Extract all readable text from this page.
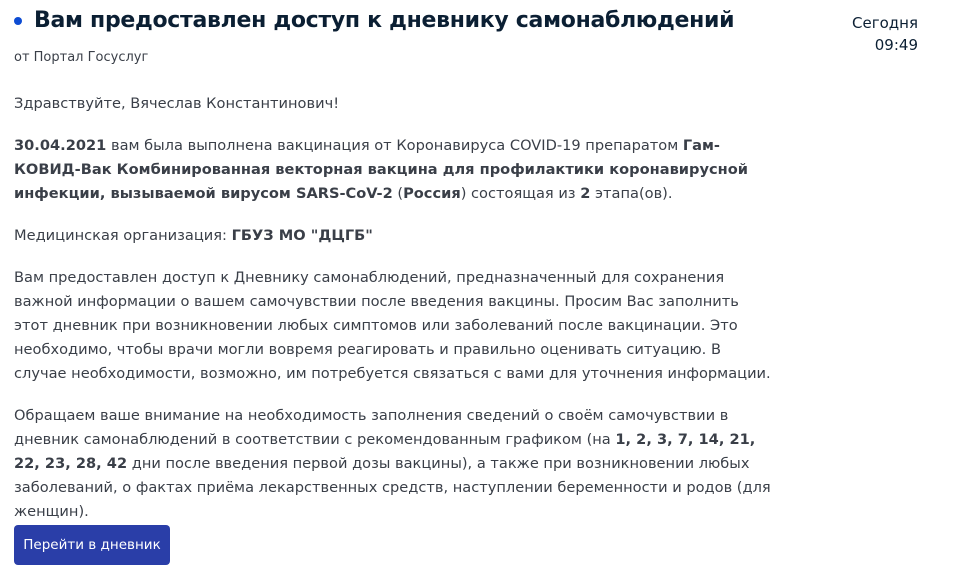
Вам предоставлен доступ к дневнику самонаблюдений
от Портал Госуслуг
Сегодня
09:49

Здравствуйте, Вячеслав Константинович!

30.04.2021 вам была выполнена вакцинация от Коронавируса COVID-19 препаратом Гам-КОВИД-Вак Комбинированная векторная вакцина для профилактики коронавирусной инфекции, вызываемой вирусом SARS-CoV-2 (Россия) состоящая из 2 этапа(ов).

Медицинская организация: ГБУЗ МО "ДЦГБ"

Вам предоставлен доступ к Дневнику самонаблюдений, предназначенный для сохранения важной информации о вашем самочувствии после введения вакцины. Просим Вас заполнить этот дневник при возникновении любых симптомов или заболеваний после вакцинации. Это необходимо, чтобы врачи могли вовремя реагировать и правильно оценивать ситуацию. В случае необходимости, возможно, им потребуется связаться с вами для уточнения информации.

Обращаем ваше внимание на необходимость заполнения сведений о своём самочувствии в дневник самонаблюдений в соответствии с рекомендованным графиком (на 1, 2, 3, 7, 14, 21, 22, 23, 28, 42 дни после введения первой дозы вакцины), а также при возникновении любых заболеваний, о фактах приёма лекарственных средств, наступлении беременности и родов (для женщин).

Перейти в дневник
